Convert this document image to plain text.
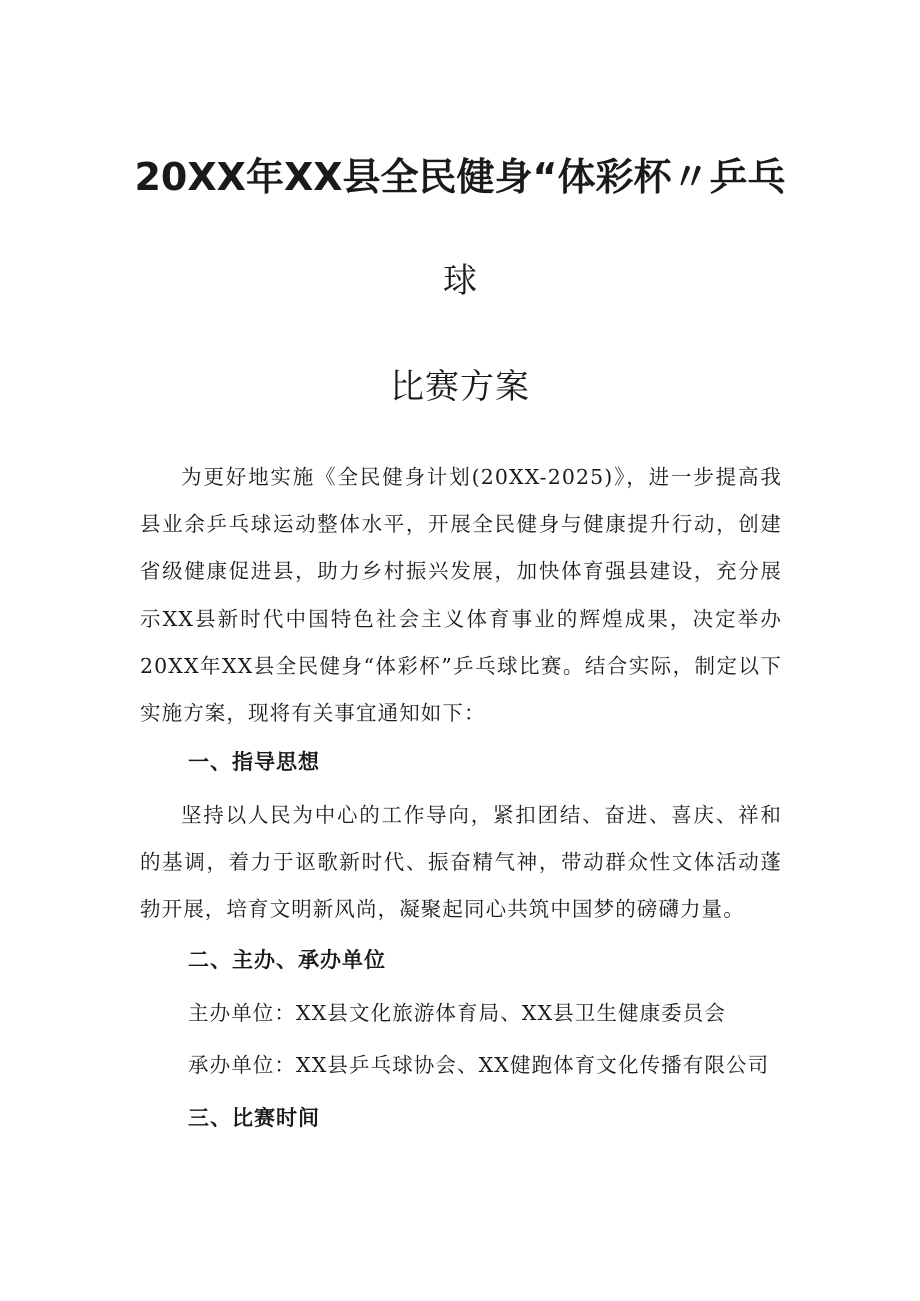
20XX年XX县全民健身“体彩杯〃乒乓
球
比赛方案

为更好地实施《全民健身计划(20XX-2025)》，进一步提高我县业余乒乓球运动整体水平，开展全民健身与健康提升行动，创建省级健康促进县，助力乡村振兴发展，加快体育强县建设，充分展示XX县新时代中国特色社会主义体育事业的辉煌成果，决定举办20XX年XX县全民健身“体彩杯”乒乓球比赛。结合实际，制定以下实施方案，现将有关事宜通知如下：

一、指导思想

坚持以人民为中心的工作导向，紧扣团结、奋进、喜庆、祥和的基调，着力于讴歌新时代、振奋精气神，带动群众性文体活动蓬勃开展，培育文明新风尚，凝聚起同心共筑中国梦的磅礴力量。

二、主办、承办单位
主办单位：XX县文化旅游体育局、XX县卫生健康委员会
承办单位：XX县乒乓球协会、XX健跑体育文化传播有限公司
三、比赛时间
